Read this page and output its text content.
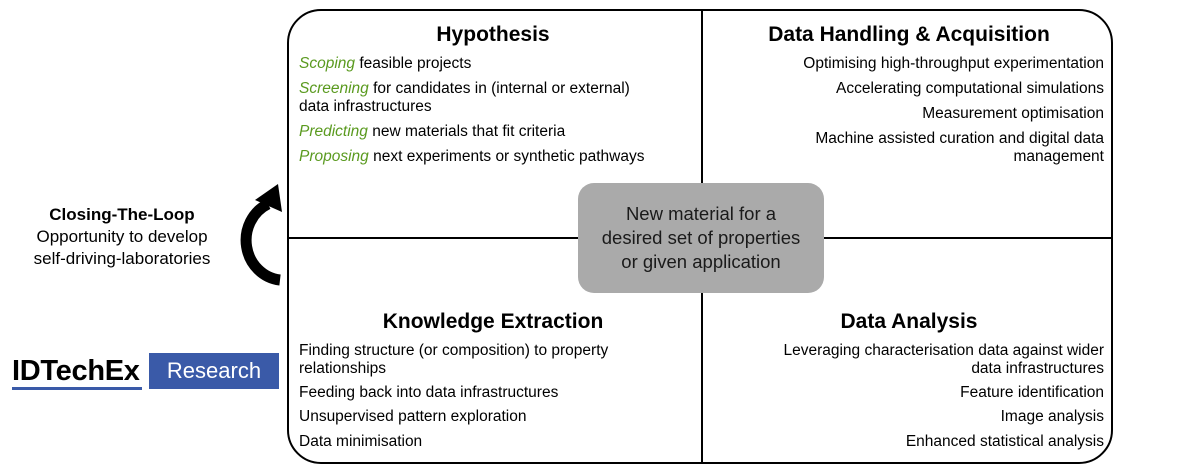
Hypothesis
Scoping feasible projects
Screening for candidates in (internal or external)
data infrastructures
Predicting new materials that fit criteria
Proposing next experiments or synthetic pathways
Data Handling & Acquisition
Optimising high-throughput experimentation
Accelerating computational simulations
Measurement optimisation
Machine assisted curation and digital data
management
Knowledge Extraction
Finding structure (or composition) to property
relationships
Feeding back into data infrastructures
Unsupervised pattern exploration
Data minimisation
Data Analysis
Leveraging characterisation data against wider
data infrastructures
Feature identification
Image analysis
Enhanced statistical analysis
New material for a
desired set of properties
or given application
Closing-The-Loop
Opportunity to develop
self-driving-laboratories
IDTechEx	Research
